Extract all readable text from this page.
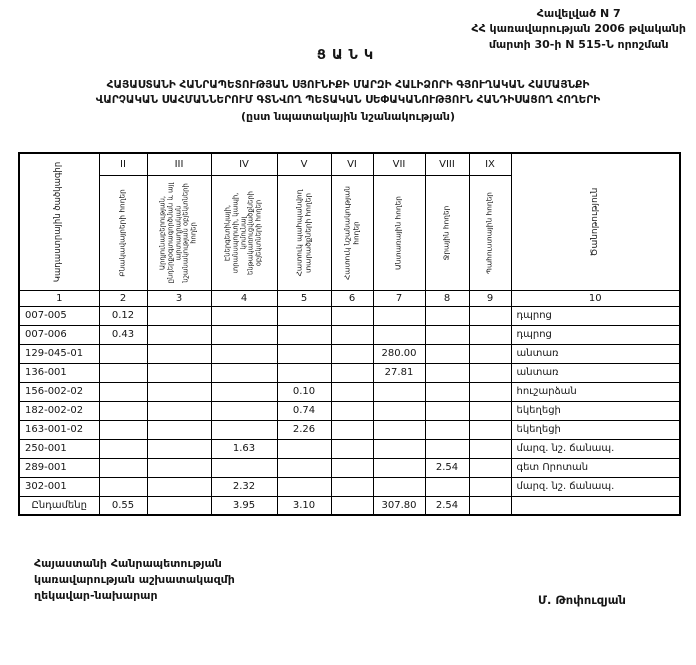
Հավելված N 7
ՀՀ կառավարության 2006 թվականի
մարտի 30-ի N 515-Ն որոշման
ՑԱՆԿ
ՀԱՅԱՍՏԱՆԻ ՀԱՆՐԱՊԵՏՈՒԹՅԱՆ ՍՅՈՒՆԻՔԻ ՄԱՐԶԻ ՀԱԼԻՁՈՐԻ ԳՅՈՒՂԱԿԱՆ ՀԱՄԱՅՆՔԻ
ՎԱՐՉԱԿԱՆ ՍԱՀՄԱՆՆԵՐՈՒՄ ԳՏՆՎՈՂ ՊԵՏԱԿԱՆ ՍԵՓԱԿԱՆՈՒԹՅՈՒՆ ՀԱՆԴԻՍԱՑՈՂ ՀՈՂԵՐԻ
(ըստ նպատակային նշանակության)
Կադաստրային ծածկագիր	II	III	IV	V	VI	VII	VIII	IX	Ծանոթություն

	Բնակավայրերի հողեր	Արդյունաբերության, ընդերքօգտագործման և այլ արտադրական նշանակության օբյեկտների հողեր	Էներգետիկայի, տրանսպորտի, կապի, կոմունալ ենթակառուցվածքների օբյեկտների հողեր	Հատուկ պահպանվող տարածքների հողեր	Հատուկ նշանակության հողեր	Անտառային հողեր	Ջրային հողեր	Պահուստային հողեր	

1	2	3	4	5	6	7	8	9	10
007-005	0.12								դպրոց
007-006	0.43								դպրոց
129-045-01						280.00			անտառ
136-001						27.81			անտառ
156-002-02				0.10					հուշարձան
182-002-02				0.74					եկեղեցի
163-001-02				2.26					եկեղեցի
250-001			1.63						մարզ. նշ. ճանապ.
289-001							2.54		գետ Որոտան
302-001			2.32						մարզ. նշ. ճանապ.
Ընդամենը	0.55		3.95	3.10		307.80	2.54		
Հայաստանի Հանրապետության
կառավարության աշխատակազմի
ղեկավար-նախարար	Մ. Թոփուզյան
